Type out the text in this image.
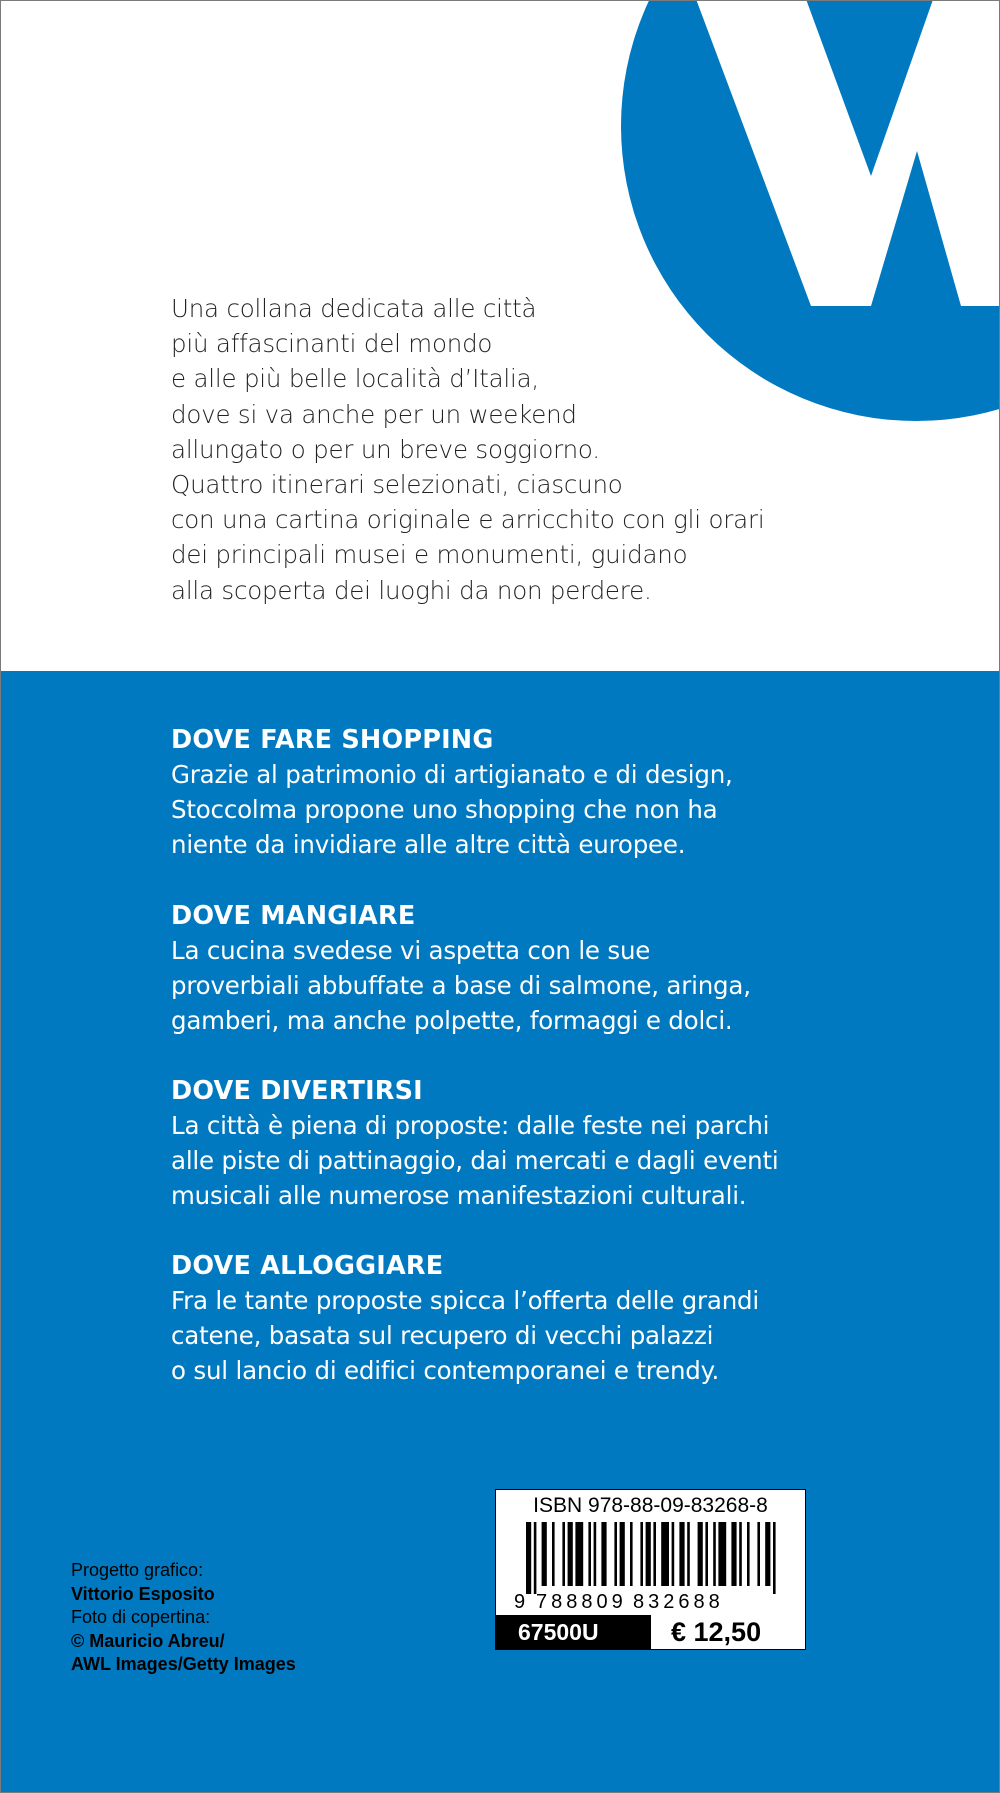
Una collana dedicata alle città
più affascinanti del mondo
e alle più belle località d’Italia,
dove si va anche per un weekend
allungato o per un breve soggiorno.
Quattro itinerari selezionati, ciascuno
con una cartina originale e arricchito con gli orari
dei principali musei e monumenti, guidano
alla scoperta dei luoghi da non perdere.
DOVE FARE SHOPPING
Grazie al patrimonio di artigianato e di design,
Stoccolma propone uno shopping che non ha
niente da invidiare alle altre città europee.
DOVE MANGIARE
La cucina svedese vi aspetta con le sue
proverbiali abbuffate a base di salmone, aringa,
gamberi, ma anche polpette, formaggi e dolci.
DOVE DIVERTIRSI
La città è piena di proposte: dalle feste nei parchi
alle piste di pattinaggio, dai mercati e dagli eventi
musicali alle numerose manifestazioni culturali.
DOVE ALLOGGIARE
Fra le tante proposte spicca l’offerta delle grandi
catene, basata sul recupero di vecchi palazzi
o sul lancio di edifici contemporanei e trendy.
Progetto grafico:
Vittorio Esposito
Foto di copertina:
© Mauricio Abreu/
AWL Images/Getty Images
ISBN 978-88-09-83268-8
9 788809 832688
67500U	€ 12,50
